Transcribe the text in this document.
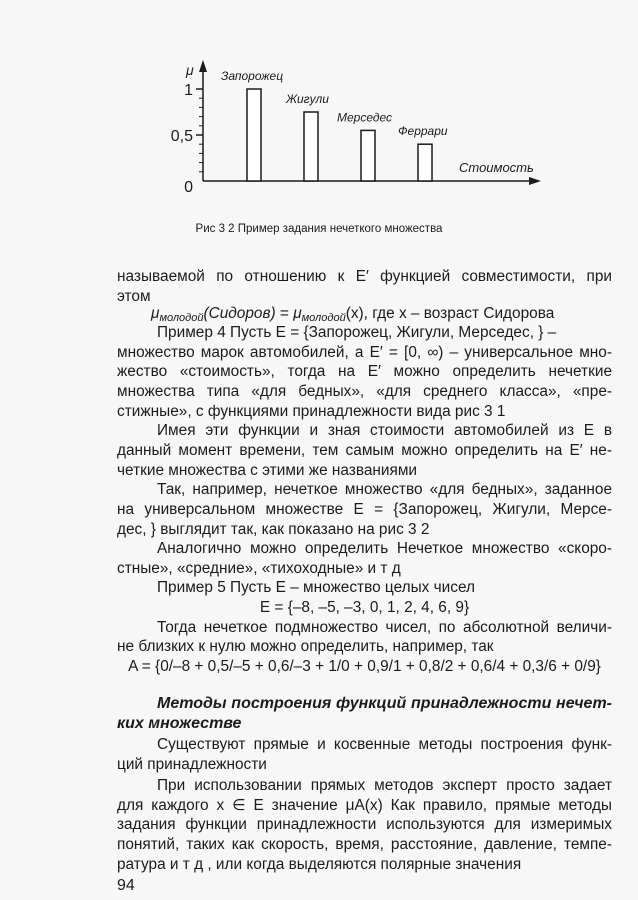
1
0,5
0
Запорожец
Жигули
Мерседес
Феррари
μ
Стоимость
Рис 3 2 Пример задания нечеткого множества
называемой по отношению к E′ функцией совместимости, при
этом
μмолодой(Сидоров) = μмолодой(x), где x – возраст Сидорова
Пример 4 Пусть E = {Запорожец, Жигули, Мерседес, } –
множество марок автомобилей, а E′ = [0, ∞) – универсальное мно-
жество «стоимость», тогда на E′ можно определить нечеткие
множества типа «для бедных», «для среднего класса», «пре-
стижные», с функциями принадлежности вида рис 3 1
Имея эти функции и зная стоимости автомобилей из E в
данный момент времени, тем самым можно определить на E′ не-
четкие множества с этими же названиями
Так, например, нечеткое множество «для бедных», заданное
на универсальном множестве E = {Запорожец, Жигули, Мерсе-
дес, } выглядит так, как показано на рис 3 2
Аналогично можно определить Нечеткое множество «скоро-
стные», «средние», «тихоходные» и т д
Пример 5 Пусть E – множество целых чисел
E = {–8, –5, –3, 0, 1, 2, 4, 6, 9}
Тогда нечеткое подмножество чисел, по абсолютной величи-
не близких к нулю можно определить, например, так
A = {0/–8 + 0,5/–5 + 0,6/–3 + 1/0 + 0,9/1 + 0,8/2 + 0,6/4 + 0,3/6 + 0/9}
Методы построения функций принадлежности нечет-
ких множестве
Существуют прямые и косвенные методы построения функ-
ций принадлежности
При использовании прямых методов эксперт просто задает
для каждого x ∈ E значение μA(x) Как правило, прямые методы
задания функции принадлежности используются для измеримых
понятий, таких как скорость, время, расстояние, давление, темпе-
ратура и т д , или когда выделяются полярные значения
94
